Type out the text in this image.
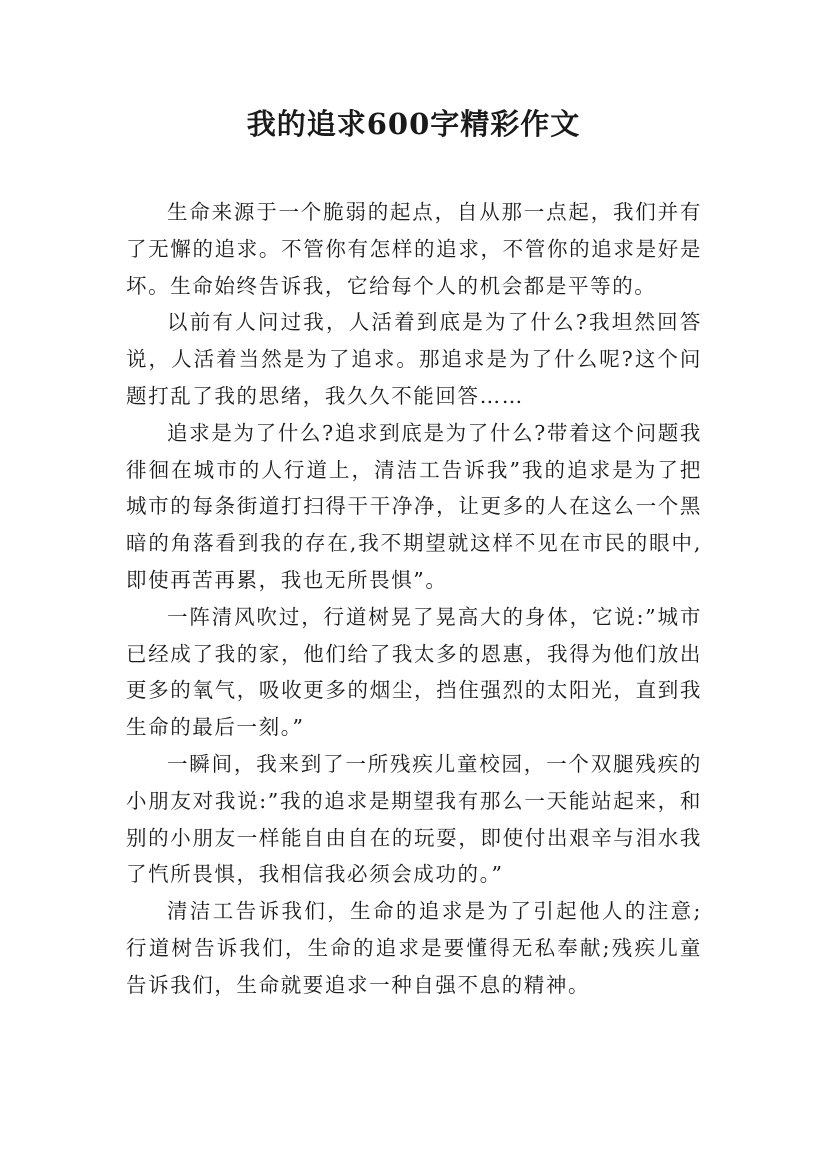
我的追求600字精彩作文

生命来源于一个脆弱的起点，自从那一点起，我们并有了无懈的追求。不管你有怎样的追求，不管你的追求是好是坏。生命始终告诉我，它给每个人的机会都是平等的。

以前有人问过我，人活着到底是为了什么?我坦然回答说，人活着当然是为了追求。那追求是为了什么呢?这个问题打乱了我的思绪，我久久不能回答……

追求是为了什么?追求到底是为了什么?带着这个问题我徘徊在城市的人行道上，清洁工告诉我”我的追求是为了把城市的每条街道打扫得干干净净，让更多的人在这么一个黑暗的角落看到我的存在,我不期望就这样不见在市民的眼中,即使再苦再累，我也无所畏惧”。

一阵清风吹过，行道树晃了晃高大的身体，它说:”城市已经成了我的家，他们给了我太多的恩惠，我得为他们放出更多的氧气，吸收更多的烟尘，挡住强烈的太阳光，直到我生命的最后一刻。”

一瞬间，我来到了一所残疾儿童校园，一个双腿残疾的小朋友对我说:”我的追求是期望我有那么一天能站起来，和别的小朋友一样能自由自在的玩耍，即使付出艰辛与泪水我了忾所畏惧，我相信我必须会成功的。”

清洁工告诉我们，生命的追求是为了引起他人的注意;行道树告诉我们，生命的追求是要懂得无私奉献;残疾儿童告诉我们，生命就要追求一种自强不息的精神。
